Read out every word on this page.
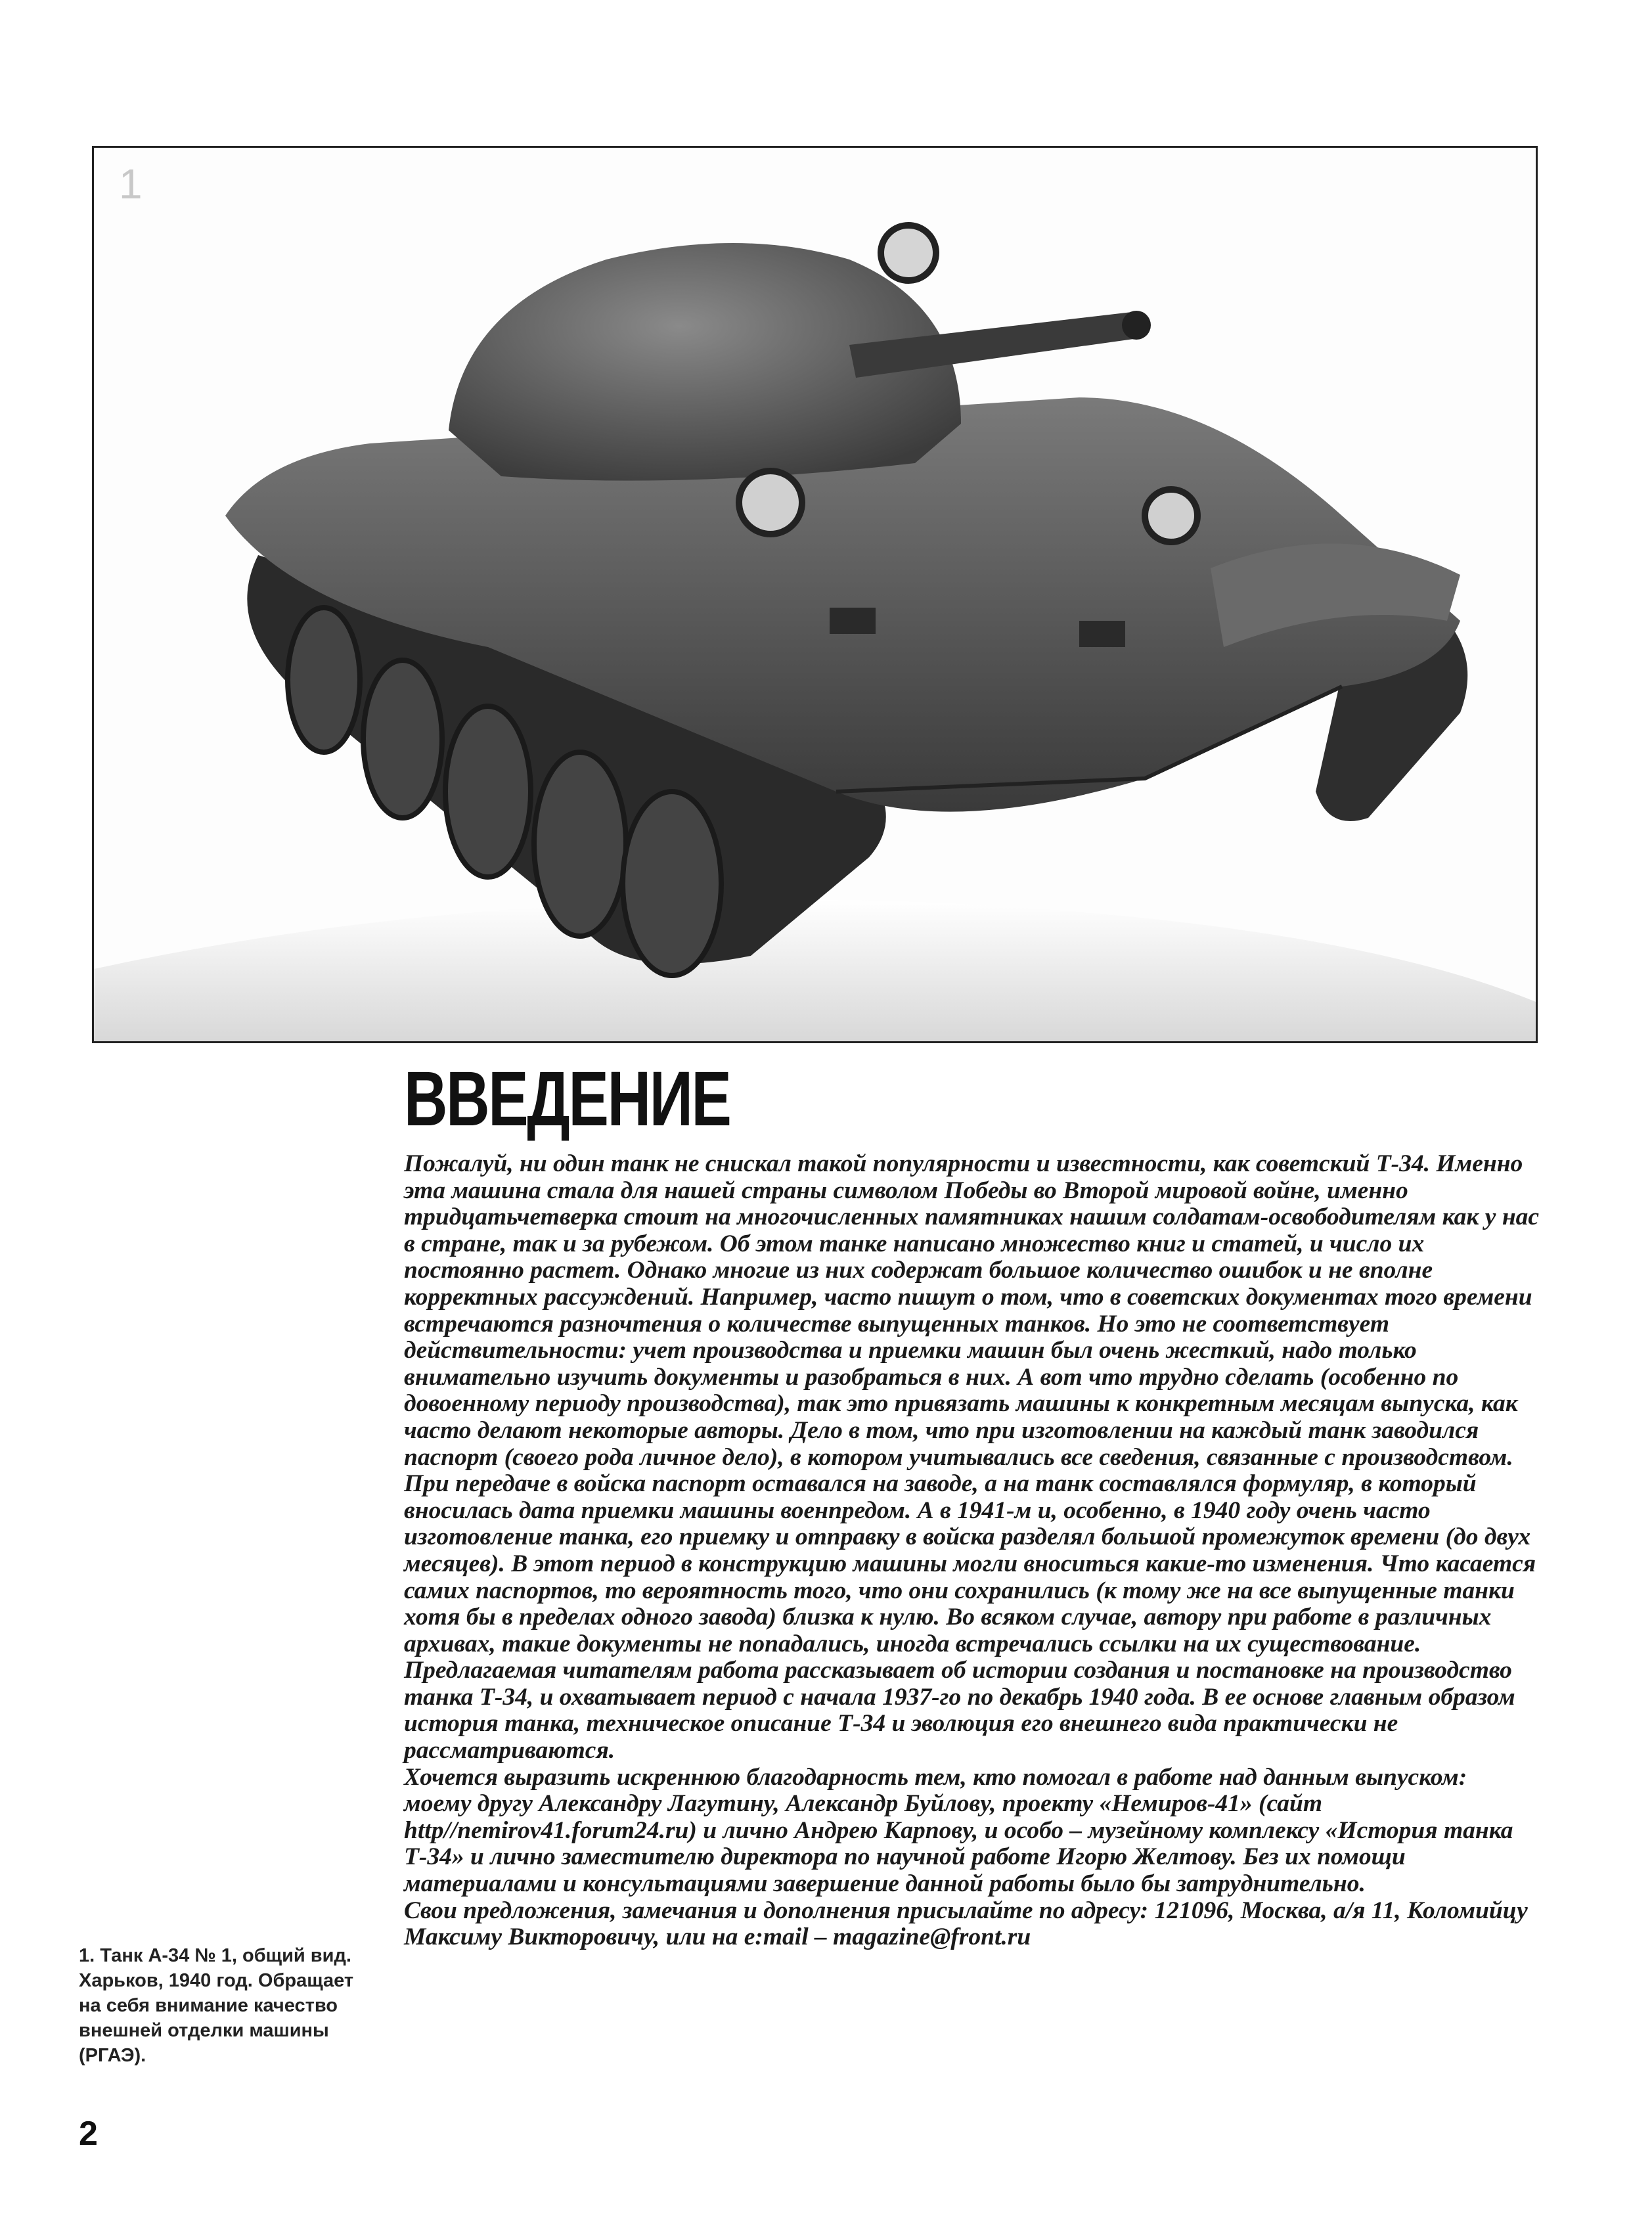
1
ВВЕДЕНИЕ

Пожалуй, ни один танк не снискал такой популярности и известности, как советский Т-34. Именно эта машина стала для нашей страны символом Победы во Второй мировой войне, именно тридцатьчетверка стоит на многочисленных памятниках нашим солдатам-освободителям как у нас в стране, так и за рубежом. Об этом танке написано множество книг и статей, и число их постоянно растет. Однако многие из них содержат большое количество ошибок и не вполне корректных рассуждений. Например, часто пишут о том, что в советских документах того времени встречаются разночтения о количестве выпущенных танков. Но это не соответствует действительности: учет производства и приемки машин был очень жесткий, надо только внимательно изучить документы и разобраться в них. А вот что трудно сделать (особенно по довоенному периоду производства), так это привязать машины к конкретным месяцам выпуска, как часто делают некоторые авторы. Дело в том, что при изготовлении на каждый танк заводился паспорт (своего рода личное дело), в котором учитывались все сведения, связанные с производством. При передаче в войска паспорт оставался на заводе, а на танк составлялся формуляр, в который вносилась дата приемки машины военпредом. А в 1941-м и, особенно, в 1940 году очень часто изготовление танка, его приемку и отправку в войска разделял большой промежуток времени (до двух месяцев). В этот период в конструкцию машины могли вноситься какие-то изменения. Что касается самих паспортов, то вероятность того, что они сохранились (к тому же на все выпущенные танки хотя бы в пределах одного завода) близка к нулю. Во всяком случае, автору при работе в различных архивах, такие документы не попадались, иногда встречались ссылки на их существование.

Предлагаемая читателям работа рассказывает об истории создания и постановке на производство танка Т-34, и охватывает период с начала 1937-го по декабрь 1940 года. В ее основе главным образом история танка, техническое описание Т-34 и эволюция его внешнего вида практически не рассматриваются.

Хочется выразить искреннюю благодарность тем, кто помогал в работе над данным выпуском: моему другу Александру Лагутину, Александр Буйлову, проекту «Немиров-41» (сайт http//nemirov41.forum24.ru) и лично Андрею Карпову, и особо – музейному комплексу «История танка Т-34» и лично заместителю директора по научной работе Игорю Желтову. Без их помощи материалами и консультациями завершение данной работы было бы затруднительно.

Свои предложения, замечания и дополнения присылайте по адресу: 121096, Москва, а/я 11, Коломийцу Максиму Викторовичу, или на e:mail – magazine@front.ru

1. Танк А-34 № 1, общий вид. Харьков, 1940 год. Обращает на себя внимание качество внешней отделки машины (РГАЭ).
2
